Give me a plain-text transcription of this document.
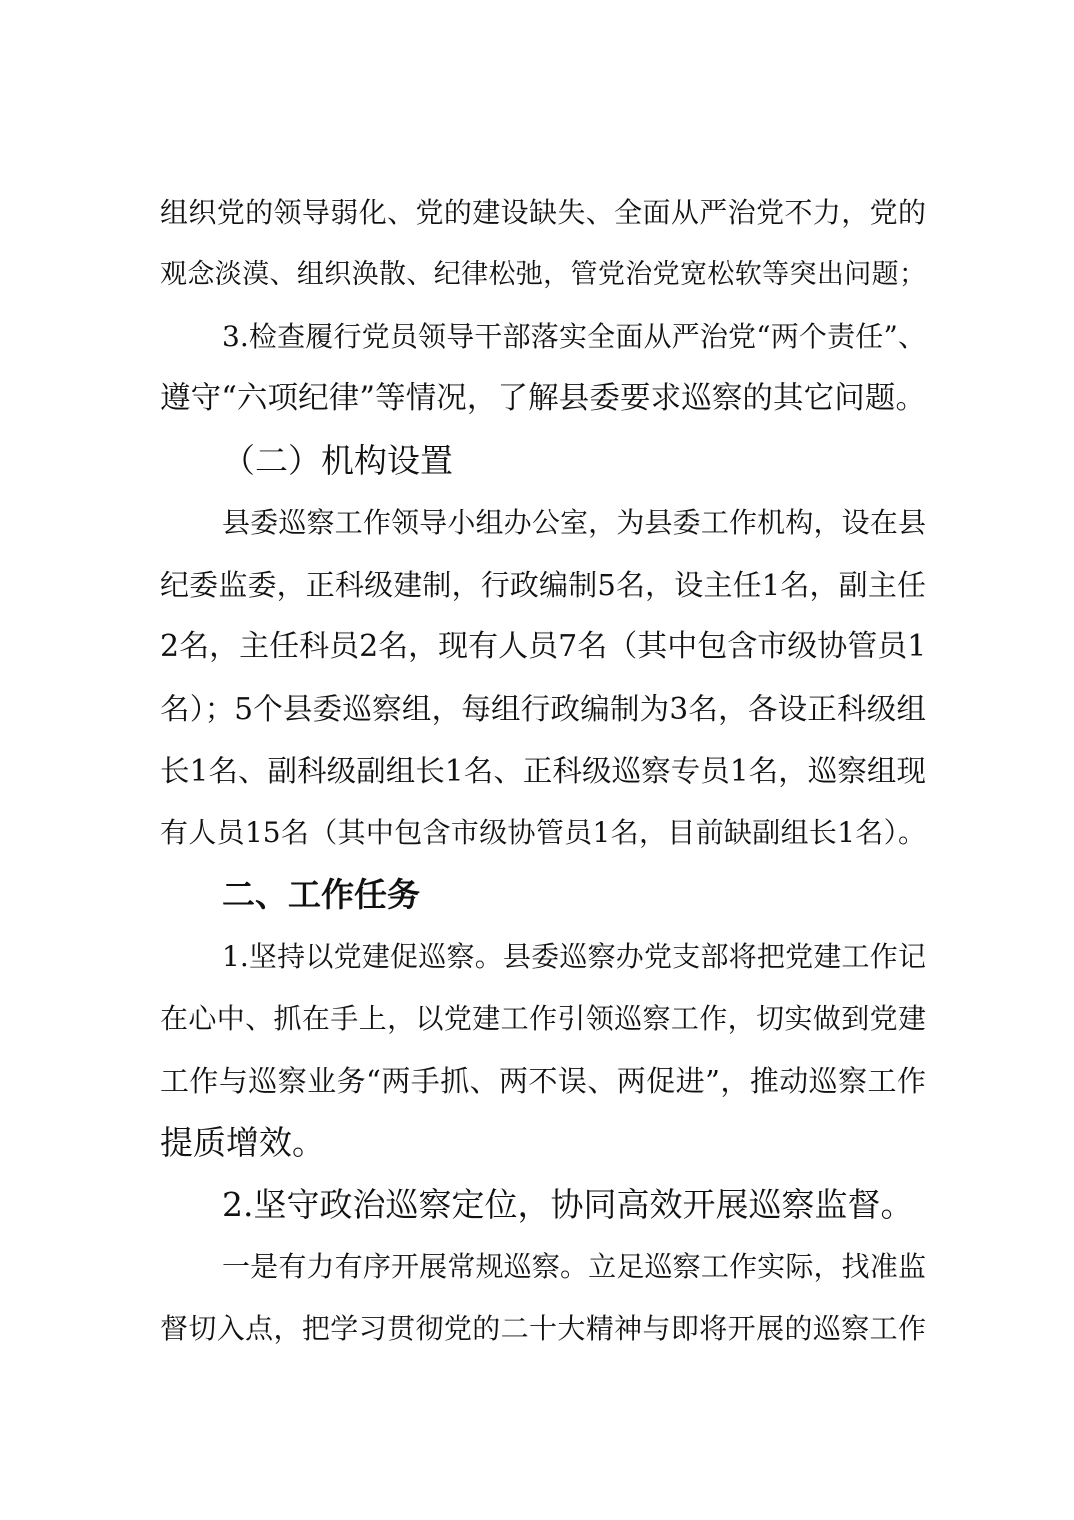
组织党的领导弱化、党的建设缺失、全面从严治党不力，党的
观念淡漠、组织涣散、纪律松弛，管党治党宽松软等突出问题；
3.检查履行党员领导干部落实全面从严治党“两个责任”、
遵守“六项纪律”等情况，了解县委要求巡察的其它问题。
（二）机构设置
县委巡察工作领导小组办公室，为县委工作机构，设在县
纪委监委，正科级建制，行政编制5名，设主任1名，副主任
2名，主任科员2名，现有人员7名（其中包含市级协管员1
名）；5个县委巡察组，每组行政编制为3名，各设正科级组
长1名、副科级副组长1名、正科级巡察专员1名，巡察组现
有人员15名（其中包含市级协管员1名，目前缺副组长1名）。
二、工作任务
1.坚持以党建促巡察。县委巡察办党支部将把党建工作记
在心中、抓在手上，以党建工作引领巡察工作，切实做到党建
工作与巡察业务“两手抓、两不误、两促进”，推动巡察工作
提质增效。
2.坚守政治巡察定位，协同高效开展巡察监督。
一是有力有序开展常规巡察。立足巡察工作实际，找准监
督切入点，把学习贯彻党的二十大精神与即将开展的巡察工作
